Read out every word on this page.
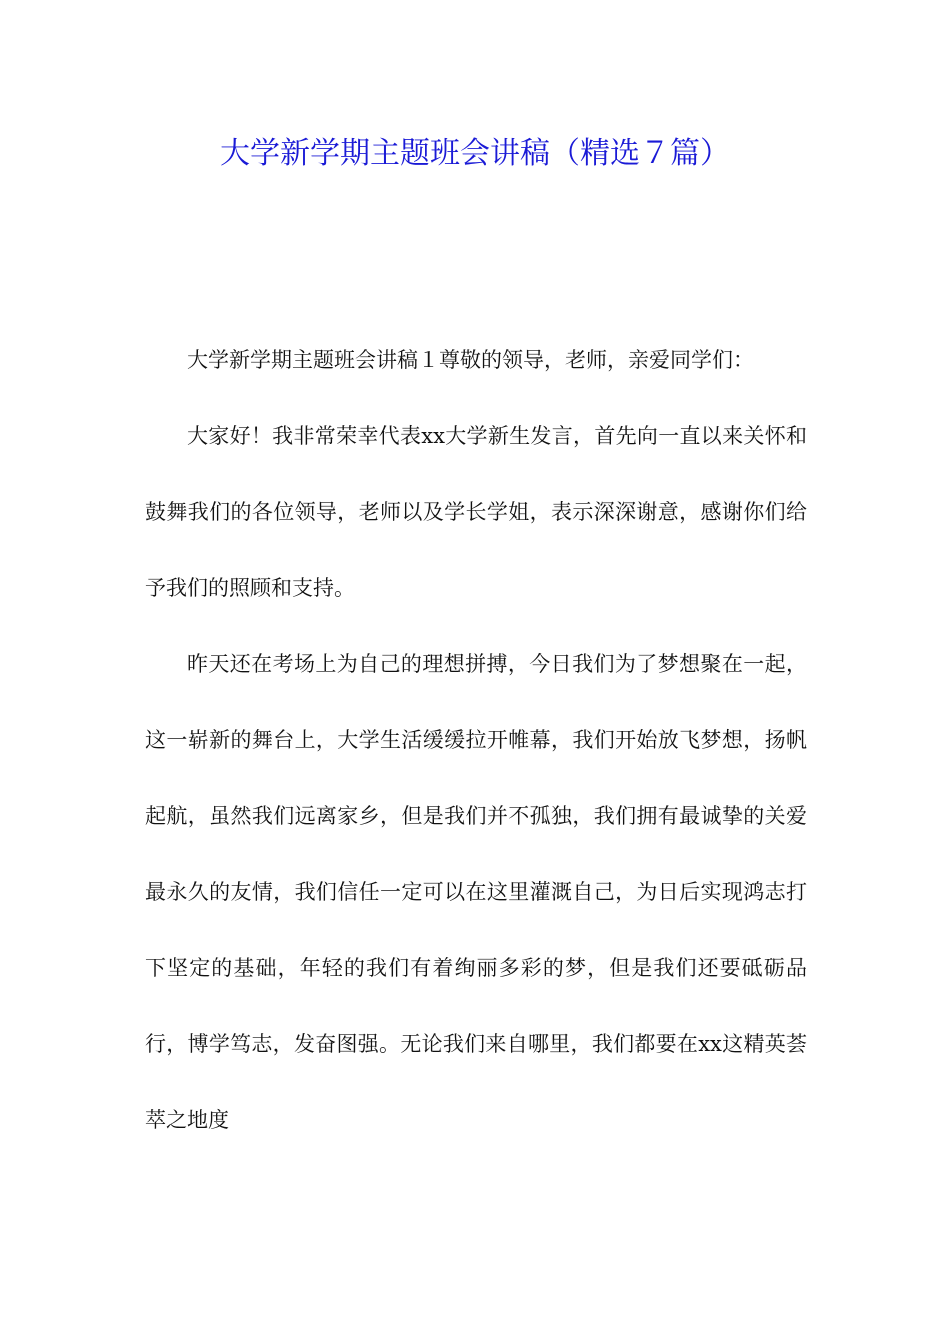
大学新学期主题班会讲稿（精选７篇）

大学新学期主题班会讲稿１尊敬的领导，老师，亲爱同学们：

大家好！我非常荣幸代表xx大学新生发言，首先向一直以来关怀和鼓舞我们的各位领导，老师以及学长学姐，表示深深谢意，感谢你们给予我们的照顾和支持。

昨天还在考场上为自己的理想拼搏，今日我们为了梦想聚在一起，这一崭新的舞台上，大学生活缓缓拉开帷幕，我们开始放飞梦想，扬帆起航，虽然我们远离家乡，但是我们并不孤独，我们拥有最诚挚的关爱最永久的友情，我们信任一定可以在这里灌溉自己，为日后实现鸿志打下坚定的基础，年轻的我们有着绚丽多彩的梦，但是我们还要砥砺品行，博学笃志，发奋图强。无论我们来自哪里，我们都要在xx这精英荟萃之地度
